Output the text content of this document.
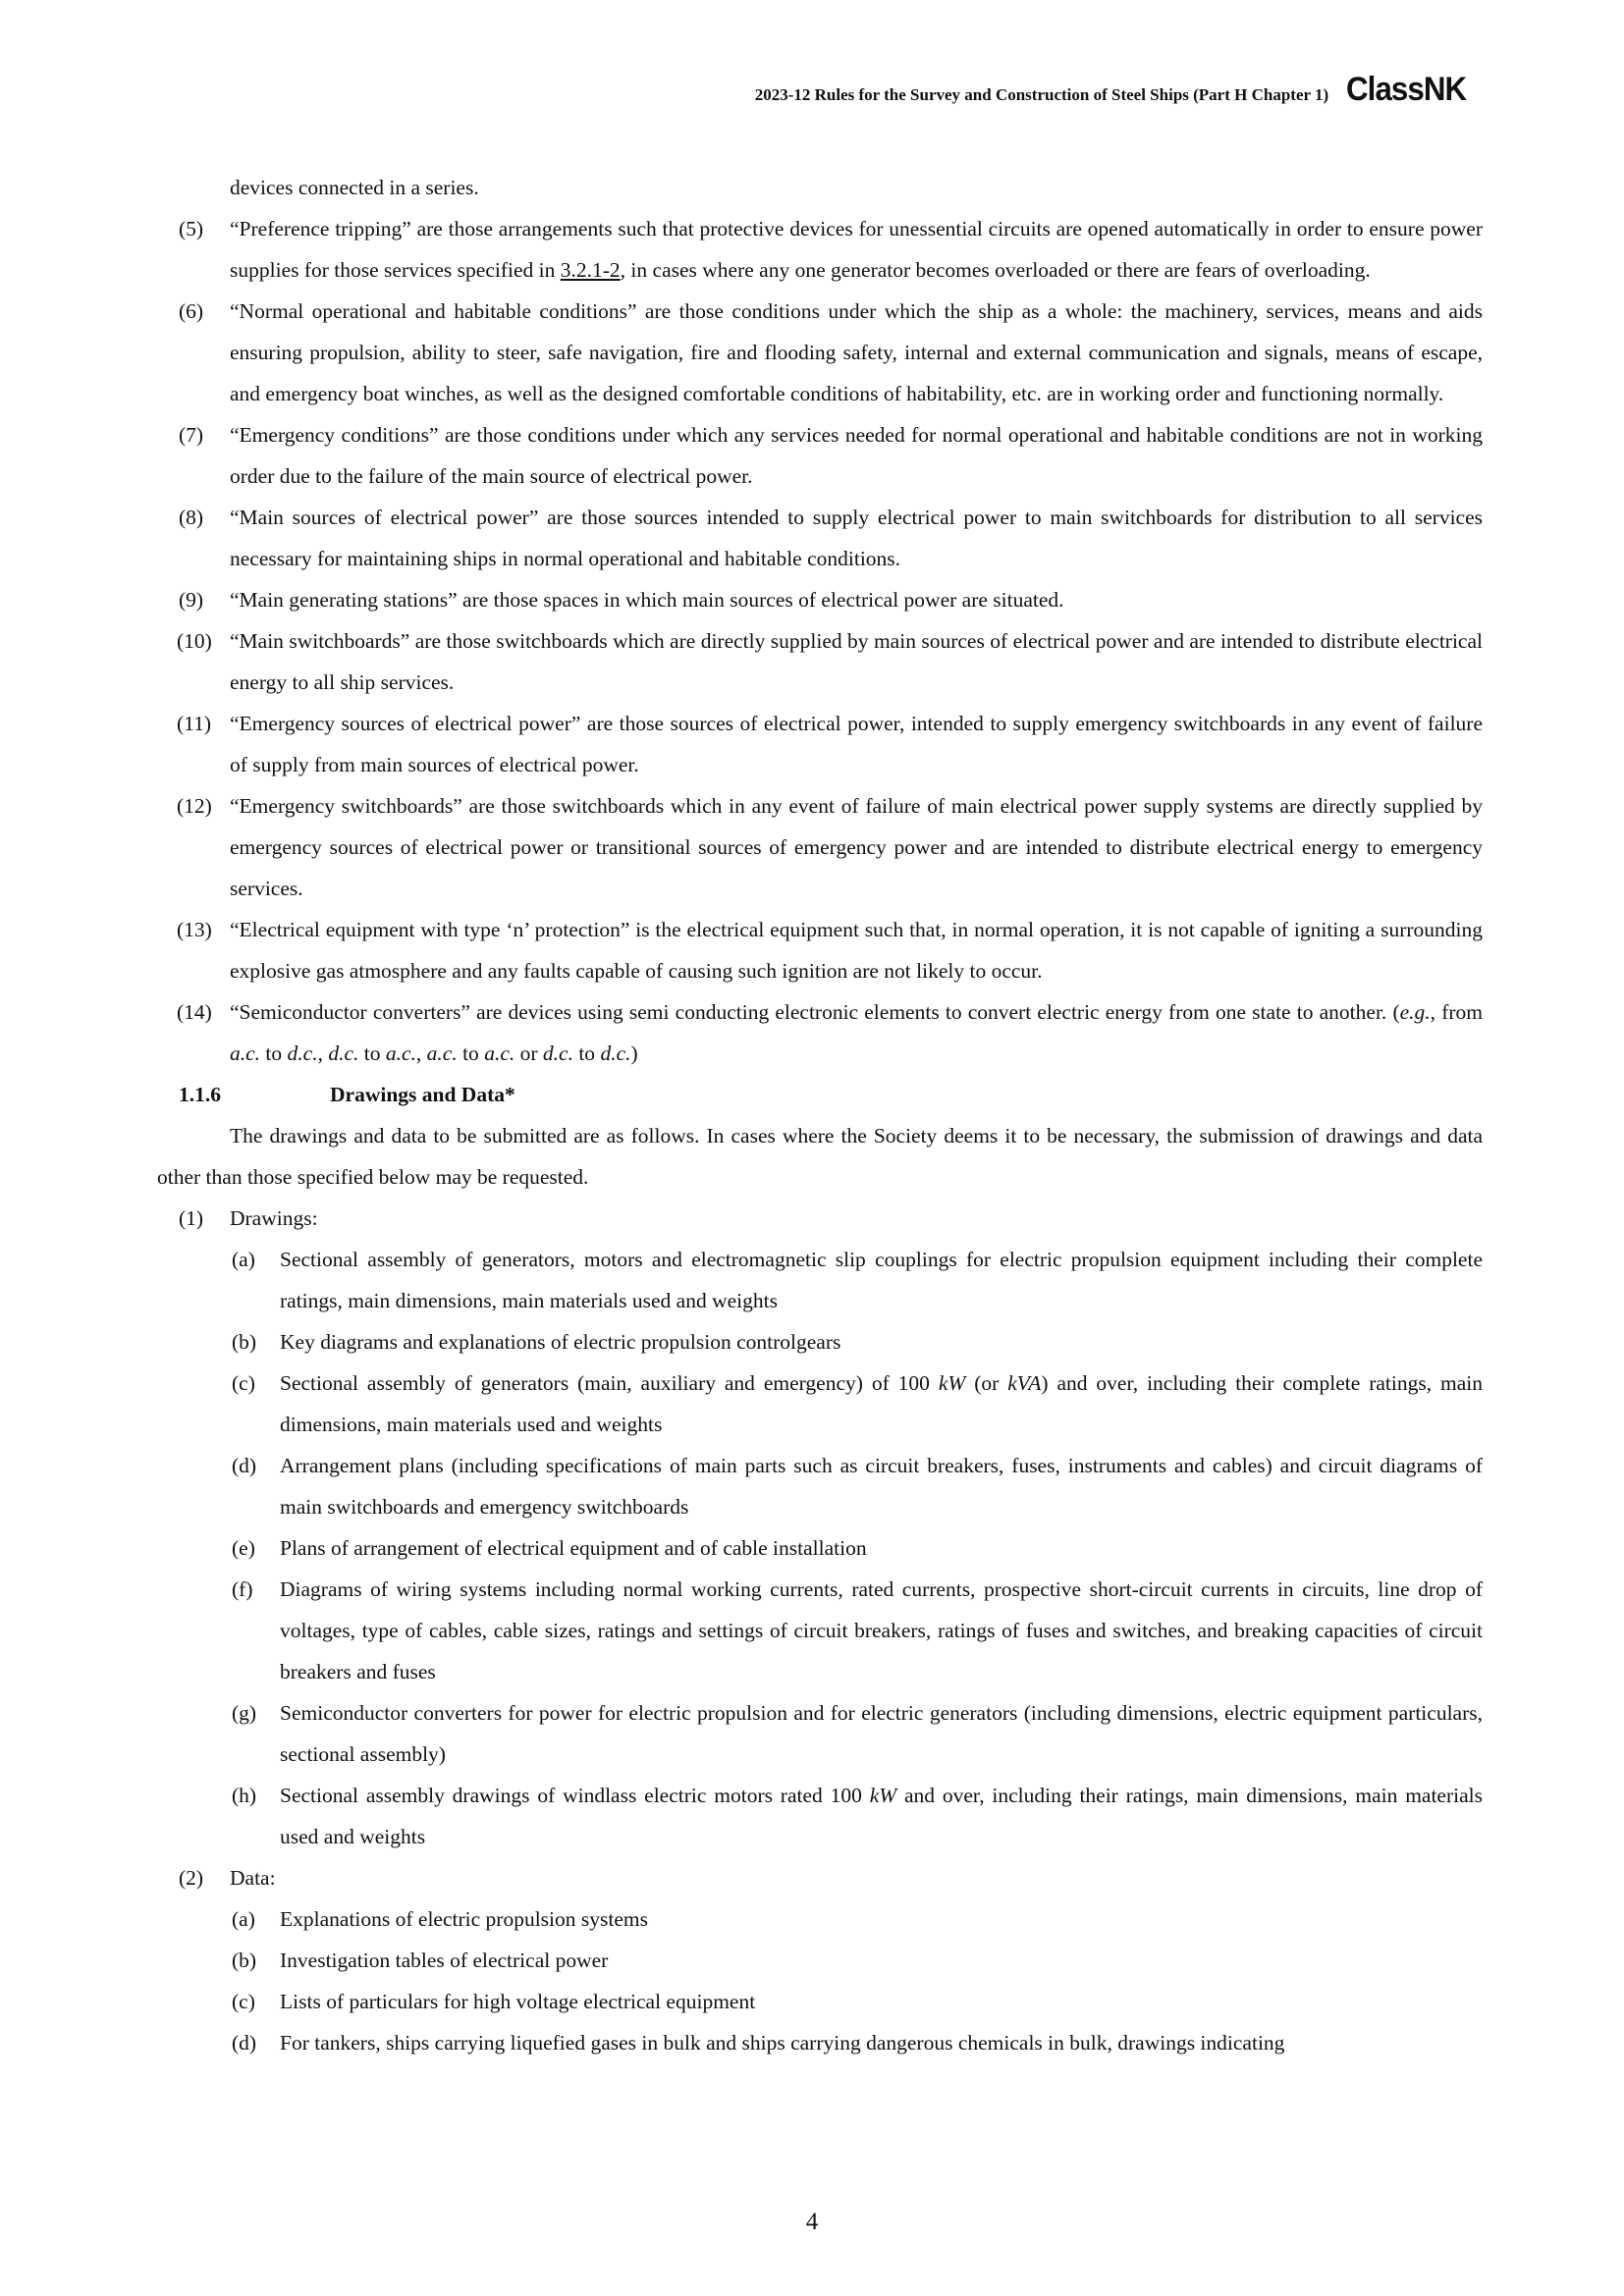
2023-12 Rules for the Survey and Construction of Steel Ships (Part H Chapter 1) ClassNK
devices connected in a series.
(5) “Preference tripping” are those arrangements such that protective devices for unessential circuits are opened automatically in order to ensure power supplies for those services specified in 3.2.1-2, in cases where any one generator becomes overloaded or there are fears of overloading.
(6) “Normal operational and habitable conditions” are those conditions under which the ship as a whole: the machinery, services, means and aids ensuring propulsion, ability to steer, safe navigation, fire and flooding safety, internal and external communication and signals, means of escape, and emergency boat winches, as well as the designed comfortable conditions of habitability, etc. are in working order and functioning normally.
(7) “Emergency conditions” are those conditions under which any services needed for normal operational and habitable conditions are not in working order due to the failure of the main source of electrical power.
(8) “Main sources of electrical power” are those sources intended to supply electrical power to main switchboards for distribution to all services necessary for maintaining ships in normal operational and habitable conditions.
(9) “Main generating stations” are those spaces in which main sources of electrical power are situated.
(10) “Main switchboards” are those switchboards which are directly supplied by main sources of electrical power and are intended to distribute electrical energy to all ship services.
(11) “Emergency sources of electrical power” are those sources of electrical power, intended to supply emergency switchboards in any event of failure of supply from main sources of electrical power.
(12) “Emergency switchboards” are those switchboards which in any event of failure of main electrical power supply systems are directly supplied by emergency sources of electrical power or transitional sources of emergency power and are intended to distribute electrical energy to emergency services.
(13) “Electrical equipment with type ‘n’ protection” is the electrical equipment such that, in normal operation, it is not capable of igniting a surrounding explosive gas atmosphere and any faults capable of causing such ignition are not likely to occur.
(14) “Semiconductor converters” are devices using semi conducting electronic elements to convert electric energy from one state to another. (e.g., from a.c. to d.c., d.c. to a.c., a.c. to a.c. or d.c. to d.c.)
1.1.6	Drawings and Data*
The drawings and data to be submitted are as follows. In cases where the Society deems it to be necessary, the submission of drawings and data other than those specified below may be requested.
(1) Drawings:
(a) Sectional assembly of generators, motors and electromagnetic slip couplings for electric propulsion equipment including their complete ratings, main dimensions, main materials used and weights
(b) Key diagrams and explanations of electric propulsion controlgears
(c) Sectional assembly of generators (main, auxiliary and emergency) of 100 kW (or kVA) and over, including their complete ratings, main dimensions, main materials used and weights
(d) Arrangement plans (including specifications of main parts such as circuit breakers, fuses, instruments and cables) and circuit diagrams of main switchboards and emergency switchboards
(e) Plans of arrangement of electrical equipment and of cable installation
(f) Diagrams of wiring systems including normal working currents, rated currents, prospective short-circuit currents in circuits, line drop of voltages, type of cables, cable sizes, ratings and settings of circuit breakers, ratings of fuses and switches, and breaking capacities of circuit breakers and fuses
(g) Semiconductor converters for power for electric propulsion and for electric generators (including dimensions, electric equipment particulars, sectional assembly)
(h) Sectional assembly drawings of windlass electric motors rated 100 kW and over, including their ratings, main dimensions, main materials used and weights
(2) Data:
(a) Explanations of electric propulsion systems
(b) Investigation tables of electrical power
(c) Lists of particulars for high voltage electrical equipment
(d) For tankers, ships carrying liquefied gases in bulk and ships carrying dangerous chemicals in bulk, drawings indicating
4
